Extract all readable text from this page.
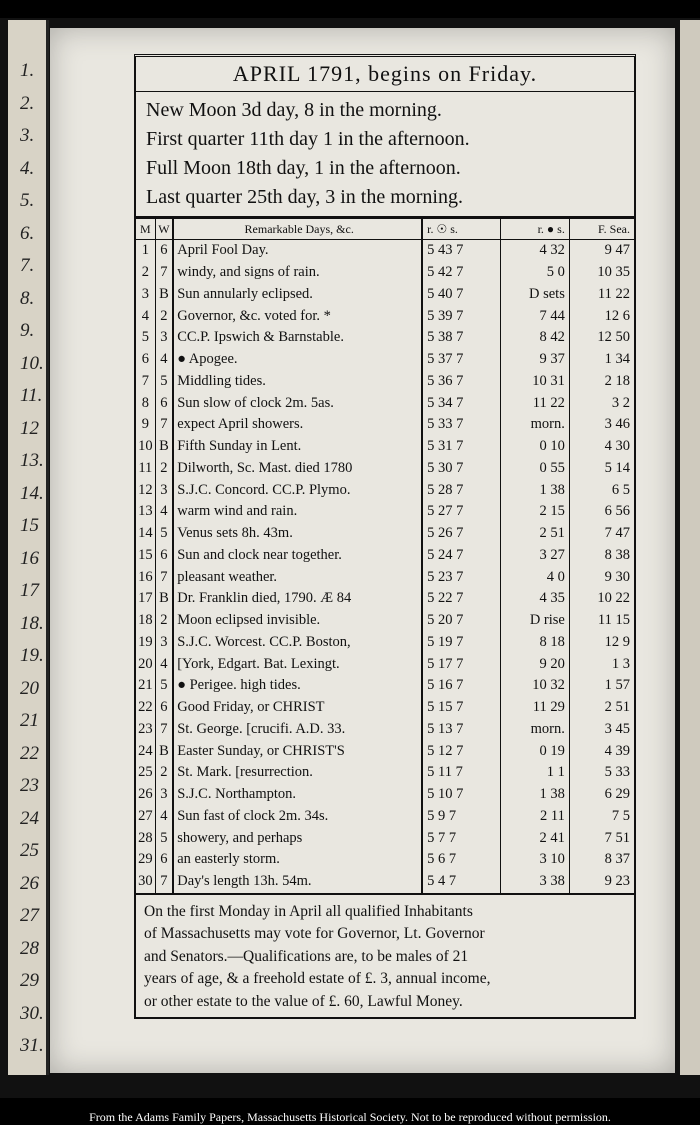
1.
2.
3.
4.
5.
6.
7.
8.
9.
10.
11.
12
13.
14.
15
16
17
18.
19.
20
21
22
23
24
25
26
27
28
29
30.
31.
APRIL 1791, begins on Friday.
New Moon 3d day, 8 in the morning.
First quarter 11th day 1 in the afternoon.
Full Moon 18th day, 1 in the afternoon.
Last quarter 25th day, 3 in the morning.
M	W	Remarkable Days, &c.	r. ☉ s.	r. ● s.	F. Sea.
1	6	April Fool Day.	5 43 7	4 32	9 47
2	7	windy, and signs of rain.	5 42 7	5 0	10 35
3	B	Sun annularly eclipsed.	5 40 7	D sets	11 22
4	2	Governor, &c. voted for. *	5 39 7	7 44	12 6
5	3	CC.P. Ipswich & Barnstable.	5 38 7	8 42	12 50
6	4	● Apogee.	5 37 7	9 37	1 34
7	5	Middling tides.	5 36 7	10 31	2 18
8	6	Sun slow of clock 2m. 5as.	5 34 7	11 22	3 2
9	7	expect April showers.	5 33 7	morn.	3 46
10	B	Fifth Sunday in Lent.	5 31 7	0 10	4 30
11	2	Dilworth, Sc. Mast. died 1780	5 30 7	0 55	5 14
12	3	S.J.C. Concord. CC.P. Plymo.	5 28 7	1 38	6 5
13	4	warm wind and rain.	5 27 7	2 15	6 56
14	5	Venus sets 8h. 43m.	5 26 7	2 51	7 47
15	6	Sun and clock near together.	5 24 7	3 27	8 38
16	7	pleasant weather.	5 23 7	4 0	9 30
17	B	Dr. Franklin died, 1790. Æ 84	5 22 7	4 35	10 22
18	2	Moon eclipsed invisible.	5 20 7	D rise	11 15
19	3	S.J.C. Worcest. CC.P. Boston,	5 19 7	8 18	12 9
20	4	[York, Edgart. Bat. Lexingt.	5 17 7	9 20	1 3
21	5	● Perigee. high tides.	5 16 7	10 32	1 57
22	6	Good Friday, or CHRIST	5 15 7	11 29	2 51
23	7	St. George. [crucifi. A.D. 33.	5 13 7	morn.	3 45
24	B	Easter Sunday, or CHRIST'S	5 12 7	0 19	4 39
25	2	St. Mark. [resurrection.	5 11 7	1 1	5 33
26	3	S.J.C. Northampton.	5 10 7	1 38	6 29
27	4	Sun fast of clock 2m. 34s.	5 9 7	2 11	7 5
28	5	showery, and perhaps	5 7 7	2 41	7 51
29	6	an easterly storm.	5 6 7	3 10	8 37
30	7	Day's length 13h. 54m.	5 4 7	3 38	9 23
On the first Monday in April all qualified Inhabitants
of Massachusetts may vote for Governor, Lt. Governor
and Senators.—Qualifications are, to be males of 21
years of age, & a freehold estate of £. 3, annual income,
or other estate to the value of £. 60, Lawful Money.
From the Adams Family Papers, Massachusetts Historical Society. Not to be reproduced without permission.
